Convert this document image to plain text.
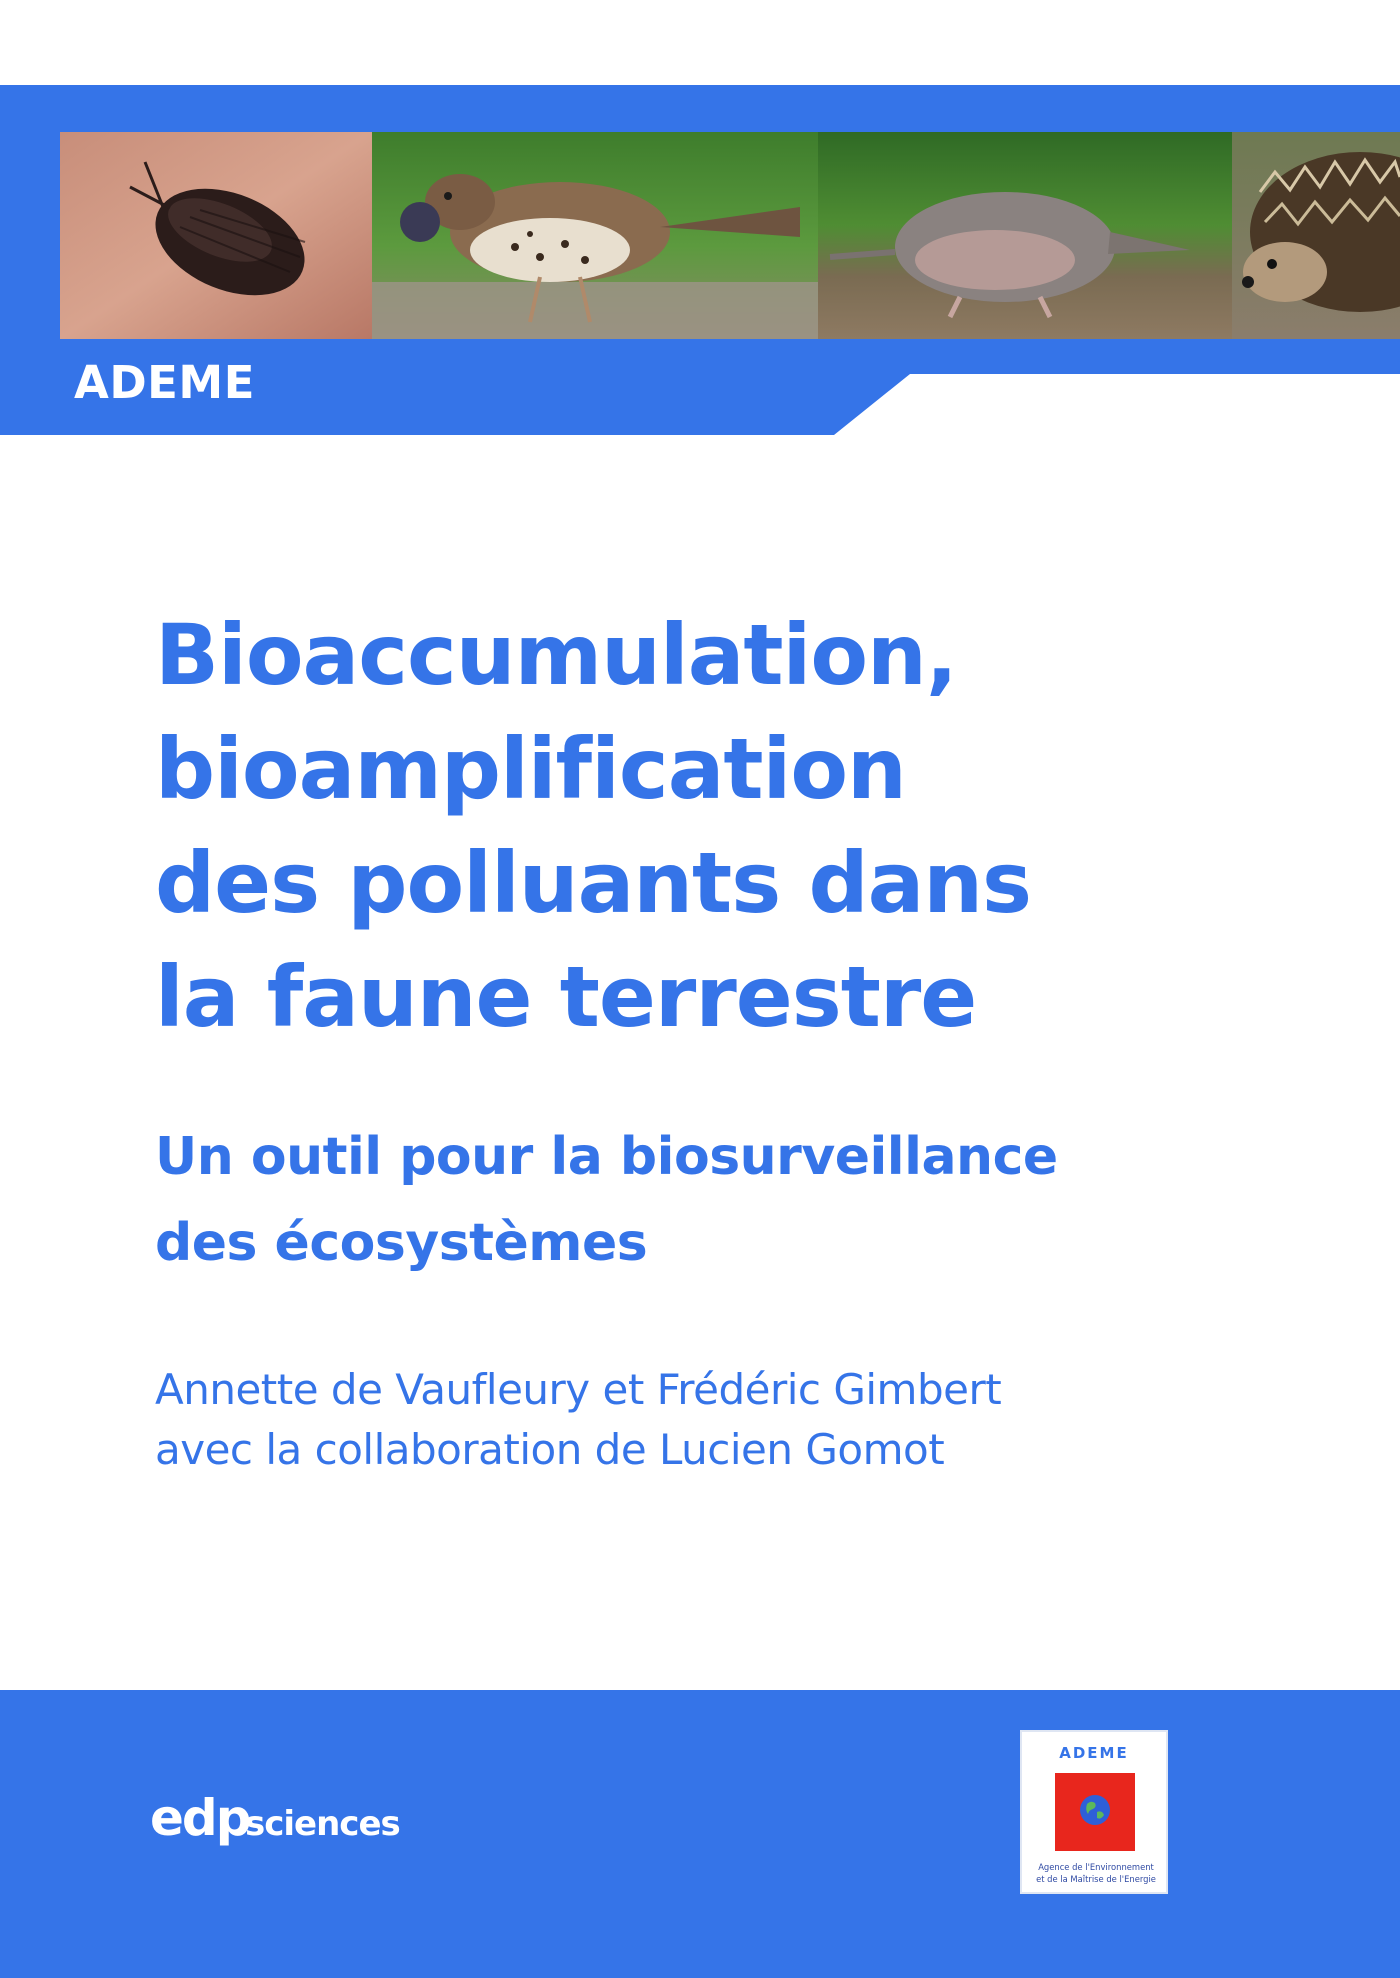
ADEME
Bioaccumulation,
bioamplification
des polluants dans
la faune terrestre
Un outil pour la biosurveillance
des écosystèmes

Annette de Vaufleury et Frédéric Gimbert
avec la collaboration de Lucien Gomot

edp
sciences
ADEME
Agence de l'Environnement
et de la Maîtrise de l'Energie
